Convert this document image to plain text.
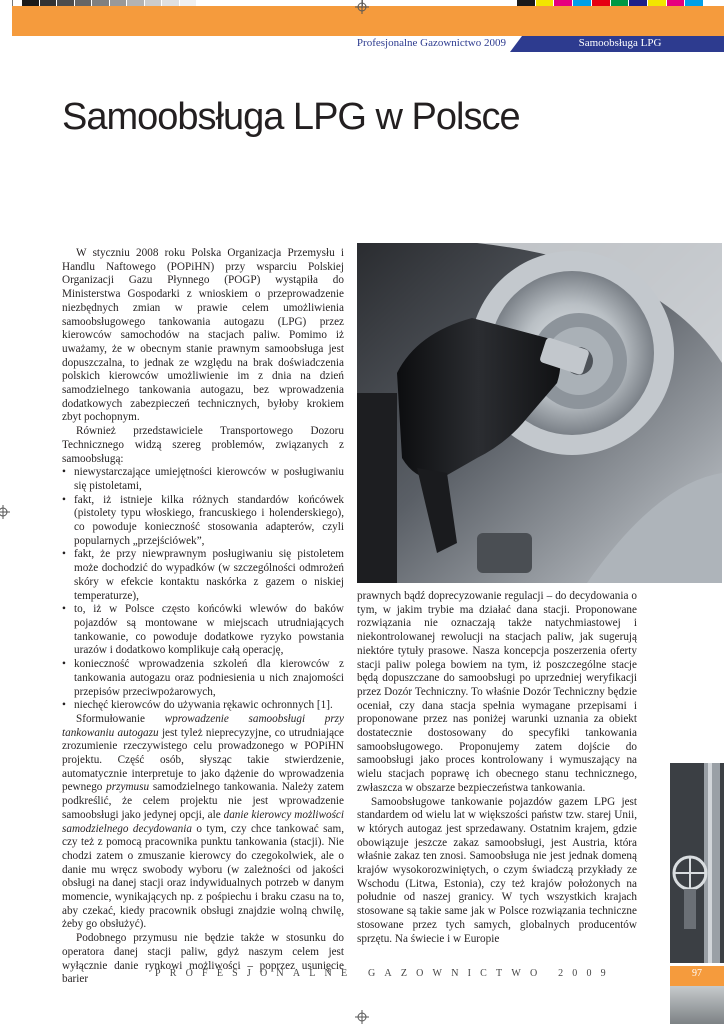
Profesjonalne Gazownictwo 2009	Samoobsługa LPG
Samoobsługa LPG w Polsce

W styczniu 2008 roku Polska Organizacja Przemysłu i Handlu Naftowego (POPiHN) przy wsparciu Polskiej Organizacji Gazu Płynnego (POGP) wystąpiła do Ministerstwa Gospodarki z wnioskiem o przeprowadzenie niezbędnych zmian w prawie celem umożliwienia samoobsługowego tankowania autogazu (LPG) przez kierowców samochodów na stacjach paliw. Pomimo iż uważamy, że w obecnym stanie prawnym samoobsługa jest dopuszczalna, to jednak ze względu na brak doświadczenia polskich kierowców umożliwienie im z dnia na dzień samodzielnego tankowania autogazu, bez wprowadzenia dodatkowych zabezpieczeń technicznych, byłoby krokiem zbyt pochopnym.

Również przedstawiciele Transportowego Dozoru Technicznego widzą szereg problemów, związanych z samoobsługą:

• niewystarczające umiejętności kierowców w posługiwaniu się pistoletami,
• fakt, iż istnieje kilka różnych standardów końcówek (pistolety typu włoskiego, francuskiego i holenderskiego), co powoduje konieczność stosowania adapterów, czyli popularnych „przejściówek”,
• fakt, że przy niewprawnym posługiwaniu się pistoletem może dochodzić do wypadków (w szczególności odmrożeń skóry w efekcie kontaktu naskórka z gazem o niskiej temperaturze),
• to, iż w Polsce często końcówki wlewów do baków pojazdów są montowane w miejscach utrudniających tankowanie, co powoduje dodatkowe ryzyko powstania urazów i dodatkowo komplikuje całą operację,
• konieczność wprowadzenia szkoleń dla kierowców z tankowania autogazu oraz podniesienia u nich znajomości przepisów przeciwpożarowych,
• niechęć kierowców do używania rękawic ochronnych [1].

Sformułowanie wprowadzenie samoobsługi przy tankowaniu autogazu jest tyleż nieprecyzyjne, co utrudniające zrozumienie rzeczywistego celu prowadzonego w POPiHN projektu. Część osób, słysząc takie stwierdzenie, automatycznie interpretuje to jako dążenie do wprowadzenia pewnego przymusu samodzielnego tankowania. Należy zatem podkreślić, że celem projektu nie jest wprowadzenie samoobsługi jako jedynej opcji, ale danie kierowcy możliwości samodzielnego decydowania o tym, czy chce tankować sam, czy też z pomocą pracownika punktu tankowania (stacji). Nie chodzi zatem o zmuszanie kierowcy do czegokolwiek, ale o danie mu wręcz swobody wyboru (w zależności od jakości obsługi na danej stacji oraz indywidualnych potrzeb w danym momencie, wynikających np. z pośpiechu i braku czasu na to, aby czekać, kiedy pracownik obsługi znajdzie wolną chwilę, żeby go obsłużyć).

Podobnego przymusu nie będzie także w stosunku do operatora danej stacji paliw, gdyż naszym celem jest wyłącznie danie rynkowi możliwości – poprzez usunięcie barier

prawnych bądź doprecyzowanie regulacji – do decydowania o tym, w jakim trybie ma działać dana stacji. Proponowane rozwiązania nie oznaczają także natychmiastowej i niekontrolowanej rewolucji na stacjach paliw, jak sugerują niektóre tytuły prasowe. Nasza koncepcja poszerzenia oferty stacji paliw polega bowiem na tym, iż poszczególne stacje będą dopuszczane do samoobsługi po uprzedniej weryfikacji przez Dozór Techniczny. To właśnie Dozór Techniczny będzie oceniał, czy dana stacja spełnia wymagane przepisami i proponowane przez nas poniżej warunki uznania za obiekt dostatecznie dostosowany do specyfiki tankowania samoobsługowego. Proponujemy zatem dojście do samoobsługi jako proces kontrolowany i wymuszający na wielu stacjach poprawę ich obecnego stanu technicznego, zwłaszcza w obszarze bezpieczeństwa tankowania.

Samoobsługowe tankowanie pojazdów gazem LPG jest standardem od wielu lat w większości państw tzw. starej Unii, w których autogaz jest sprzedawany. Ostatnim krajem, gdzie obowiązuje jeszcze zakaz samoobsługi, jest Austria, która właśnie zakaz ten znosi. Samoobsługa nie jest jednak domeną krajów wysokorozwiniętych, o czym świadczą przykłady ze Wschodu (Litwa, Estonia), czy też krajów położonych na południe od naszej granicy. W tych wszystkich krajach stosowane są takie same jak w Polsce rozwiązania techniczne stosowane przez tych samych, globalnych producentów sprzętu. Na świecie i w Europie

97
PROFESJONALNE GAZOWNICTWO 2009
